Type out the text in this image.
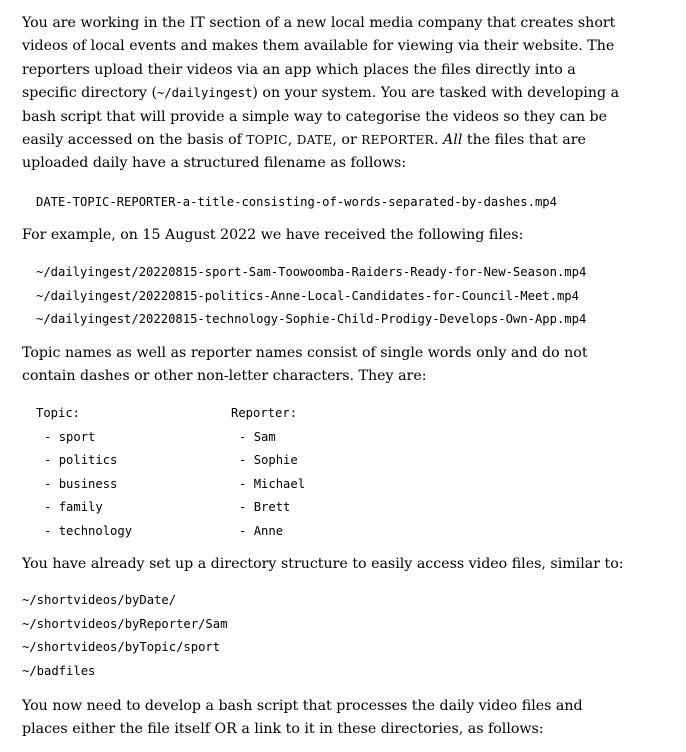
You are working in the IT section of a new local media company that creates short videos of local events and makes them available for viewing via their website. The reporters upload their videos via an app which places the files directly into a specific directory (~/dailyingest) on your system. You are tasked with developing a bash script that will provide a simple way to categorise the videos so they can be easily accessed on the basis of TOPIC, DATE, or REPORTER. All the files that are uploaded daily have a structured filename as follows:

DATE-TOPIC-REPORTER-a-title-consisting-of-words-separated-by-dashes.mp4

For example, on 15 August 2022 we have received the following files:

~/dailyingest/20220815-sport-Sam-Toowoomba-Raiders-Ready-for-New-Season.mp4
~/dailyingest/20220815-politics-Anne-Local-Candidates-for-Council-Meet.mp4
~/dailyingest/20220815-technology-Sophie-Child-Prodigy-Develops-Own-App.mp4

Topic names as well as reporter names consist of single words only and do not contain dashes or other non-letter characters. They are:

Topic:
- sport
- politics
- business
- family
- technology
Reporter:
- Sam
- Sophie
- Michael
- Brett
- Anne

You have already set up a directory structure to easily access video files, similar to:

~/shortvideos/byDate/
~/shortvideos/byReporter/Sam
~/shortvideos/byTopic/sport
~/badfiles

You now need to develop a bash script that processes the daily video files and places either the file itself OR a link to it in these directories, as follows:
